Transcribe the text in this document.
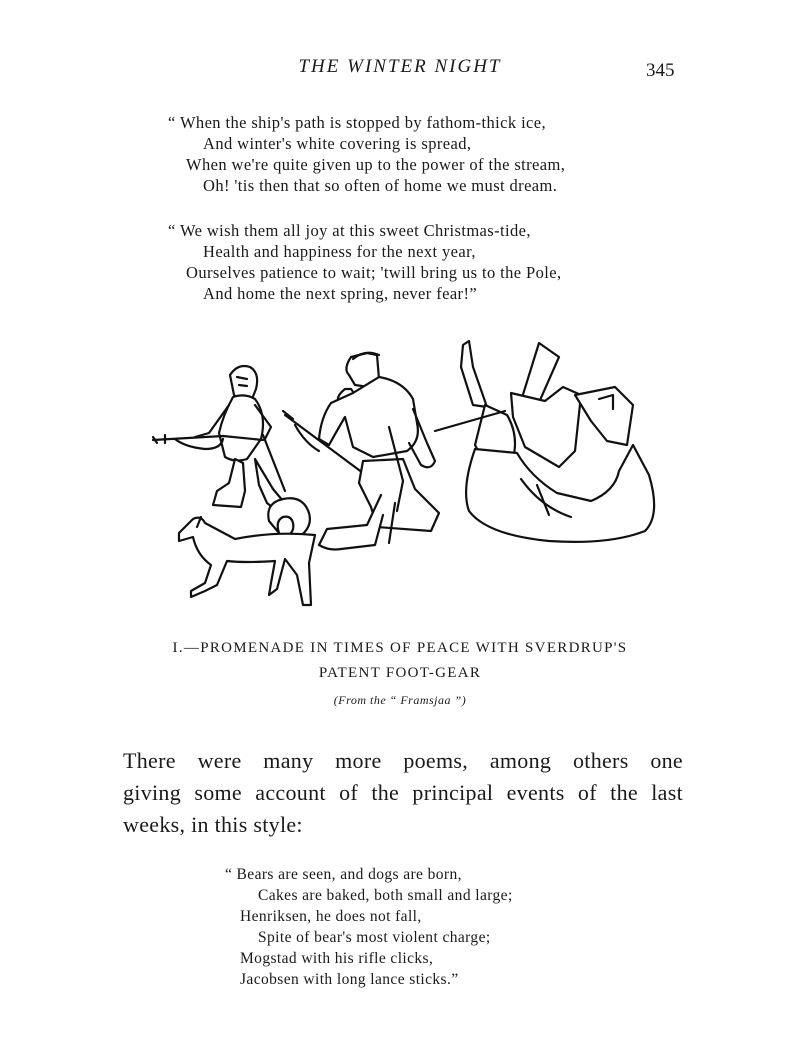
THE WINTER NIGHT	345
“ When the ship's path is stopped by fathom-thick ice,
And winter's white covering is spread,
When we're quite given up to the power of the stream,
Oh! 'tis then that so often of home we must dream.
“ We wish them all joy at this sweet Christmas-tide,
Health and happiness for the next year,
Ourselves patience to wait; 'twill bring us to the Pole,
And home the next spring, never fear!”
I.—PROMENADE IN TIMES OF PEACE WITH SVERDRUP'S
PATENT FOOT-GEAR
(From the “ Framsjaa ”)
There were many more poems, among others one
giving some account of the principal events of the last
weeks, in this style:
“ Bears are seen, and dogs are born,
Cakes are baked, both small and large;
Henriksen, he does not fall,
Spite of bear's most violent charge;
Mogstad with his rifle clicks,
Jacobsen with long lance sticks.”
